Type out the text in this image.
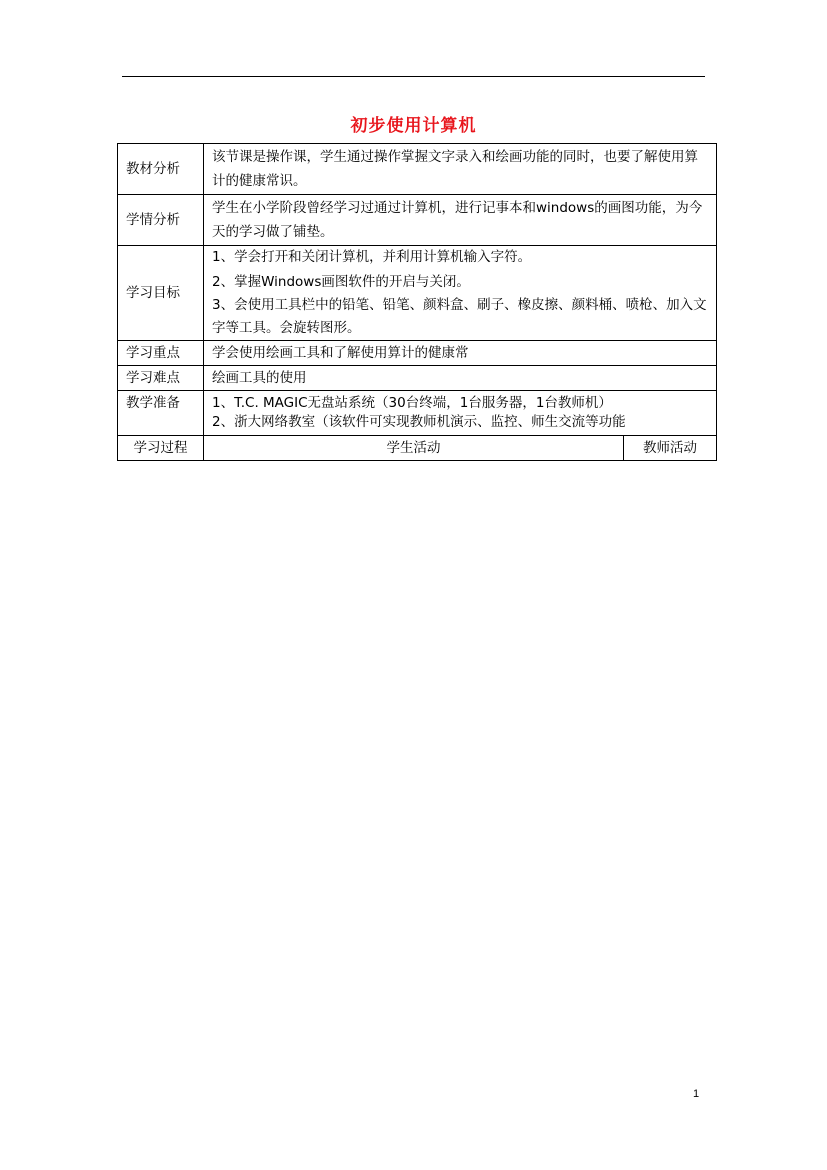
初步使用计算机
教材分析	该节课是操作课，学生通过操作掌握文字录入和绘画功能的同时，也要了解使用算计的健康常识。	
学情分析	学生在小学阶段曾经学习过通过计算机，进行记事本和windows的画图功能，为今天的学习做了铺垫。	
学习目标	1、学会打开和关闭计算机，并利用计算机输入字符。
2、掌握Windows画图软件的开启与关闭。
3、会使用工具栏中的铅笔、铅笔、颜料盒、刷子、橡皮擦、颜料桶、喷枪、加入文字等工具。会旋转图形。	

学习重点	学会使用绘画工具和了解使用算计的健康常	
学习难点	绘画工具的使用	
教学准备	1、T.C. MAGIC无盘站系统（30台终端，1台服务器，1台教师机）
2、浙大网络教室（该软件可实现教师机演示、监控、师生交流等功能	

学习过程	学生活动	教师活动
1
